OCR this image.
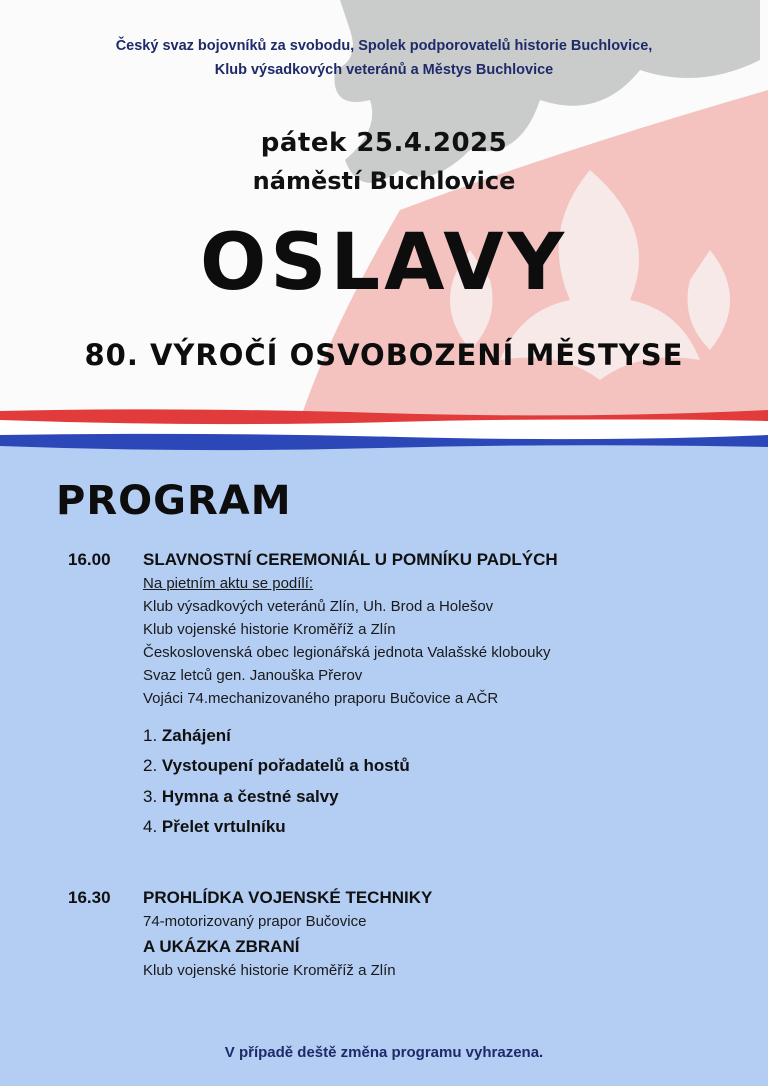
Český svaz bojovníků za svobodu, Spolek podporovatelů historie Buchlovice,
Klub výsadkových veteránů a Městys Buchlovice
pátek 25.4.2025
náměstí Buchlovice
OSLAVY
80. VÝROČÍ OSVOBOZENÍ MĚSTYSE
PROGRAM
16.00 SLAVNOSTNÍ CEREMONIÁL U POMNÍKU PADLÝCH
Na pietním aktu se podílí:
Klub výsadkových veteránů Zlín, Uh. Brod a Holešov
Klub vojenské historie Kroměříž a Zlín
Československá obec legionářská jednota Valašské klobouky
Svaz letců gen. Janouška Přerov
Vojáci 74.mechanizovaného praporu Bučovice a AČR
1. Zahájení
2. Vystoupení pořadatelů a hostů
3. Hymna a čestné salvy
4. Přelet vrtulníku
16.30 PROHLÍDKA VOJENSKÉ TECHNIKY
74-motorizovaný prapor Bučovice
A UKÁZKA ZBRANÍ
Klub vojenské historie Kroměříž a Zlín
V případě deště změna programu vyhrazena.
